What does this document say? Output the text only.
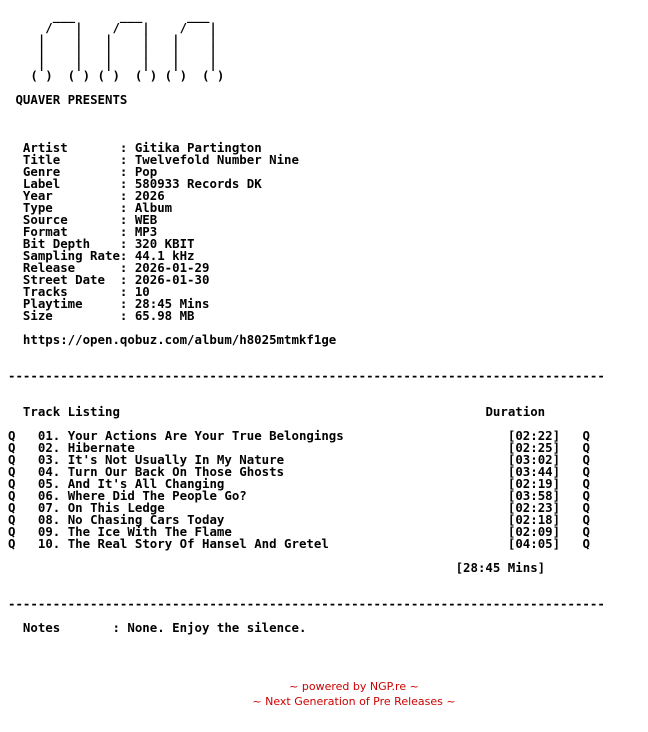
___      ___      ___
/   |    /   |    /   |
|    |   |    |   |    |
|    |   |    |   |    |
|    |   |    |   |    |
( )  ( ) ( )  ( ) ( )  ( )

QUAVER PRESENTS

Artist       : Gitika Partington
Title        : Twelvefold Number Nine
Genre        : Pop
Label        : 580933 Records DK
Year         : 2026
Type         : Album
Source       : WEB
Format       : MP3
Bit Depth    : 320 KBIT
Sampling Rate: 44.1 kHz
Release      : 2026-01-29
Street Date  : 2026-01-30
Tracks       : 10
Playtime     : 28:45 Mins
Size         : 65.98 MB

https://open.qobuz.com/album/h8025mtmkf1ge

--------------------------------------------------------------------------------

Track Listing	Duration

Q 01. Your Actions Are Your True Belongings	[02:22] Q
Q 02. Hibernate	[02:25] Q
Q 03. It's Not Usually In My Nature	[03:02] Q
Q 04. Turn Our Back On Those Ghosts	[03:44] Q
Q 05. And It's All Changing	[02:19] Q
Q 06. Where Did The People Go?	[03:58] Q
Q 07. On This Ledge	[02:23] Q
Q 08. No Chasing Cars Today	[02:18] Q
Q 09. The Ice With The Flame	[02:09] Q
Q 10. The Real Story Of Hansel And Gretel	[04:05] Q

[28:45 Mins]

--------------------------------------------------------------------------------

Notes	: None. Enjoy the silence.

~ powered by NGP.re ~
~ Next Generation of Pre Releases ~
